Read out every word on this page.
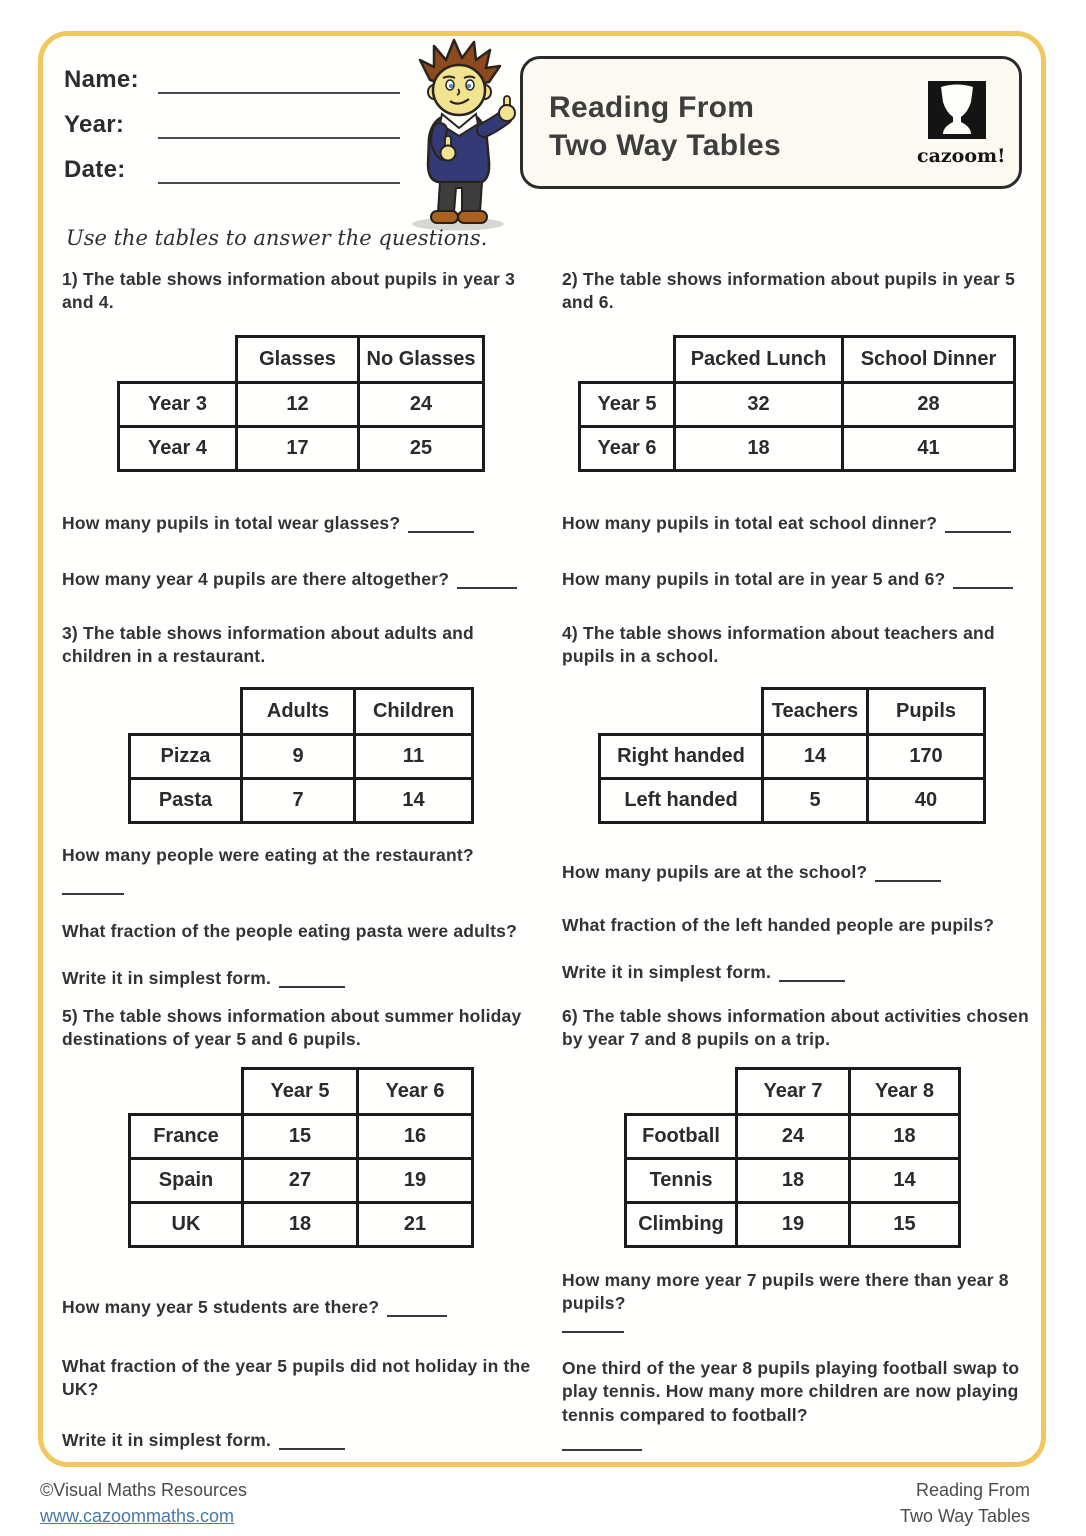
Name:
Year:
Date:
Reading From
Two Way Tables	cazoom!
Use the tables to answer the questions.

1) The table shows information about pupils in year 3 and 4.

	Glasses	No Glasses
Year 3	12	24
Year 4	17	25

How many pupils in total wear glasses?

How many year 4 pupils are there altogether?

2) The table shows information about pupils in year 5 and 6.

	Packed Lunch	School Dinner
Year 5	32	28
Year 6	18	41

How many pupils in total eat school dinner?

How many pupils in total are in year 5 and 6?

3) The table shows information about adults and children in a restaurant.

	Adults	Children
Pizza	9	11
Pasta	7	14

How many people were eating at the restaurant?

What fraction of the people eating pasta were adults?

Write it in simplest form.

4) The table shows information about teachers and pupils in a school.

	Teachers	Pupils
Right handed	14	170
Left handed	5	40

How many pupils are at the school?

What fraction of the left handed people are pupils?

Write it in simplest form.

5) The table shows information about summer holiday destinations of year 5 and 6 pupils.

	Year 5	Year 6
France	15	16
Spain	27	19
UK	18	21

How many year 5 students are there?

What fraction of the year 5 pupils did not holiday in the UK?

Write it in simplest form.

6) The table shows information about activities chosen by year 7 and 8 pupils on a trip.

	Year 7	Year 8
Football	24	18
Tennis	18	14
Climbing	19	15

How many more year 7 pupils were there than year 8 pupils?

One third of the year 8 pupils playing football swap to play tennis. How many more children are now playing tennis compared to football?

©Visual Maths Resources
www.cazoommaths.com
Reading From
Two Way Tables
